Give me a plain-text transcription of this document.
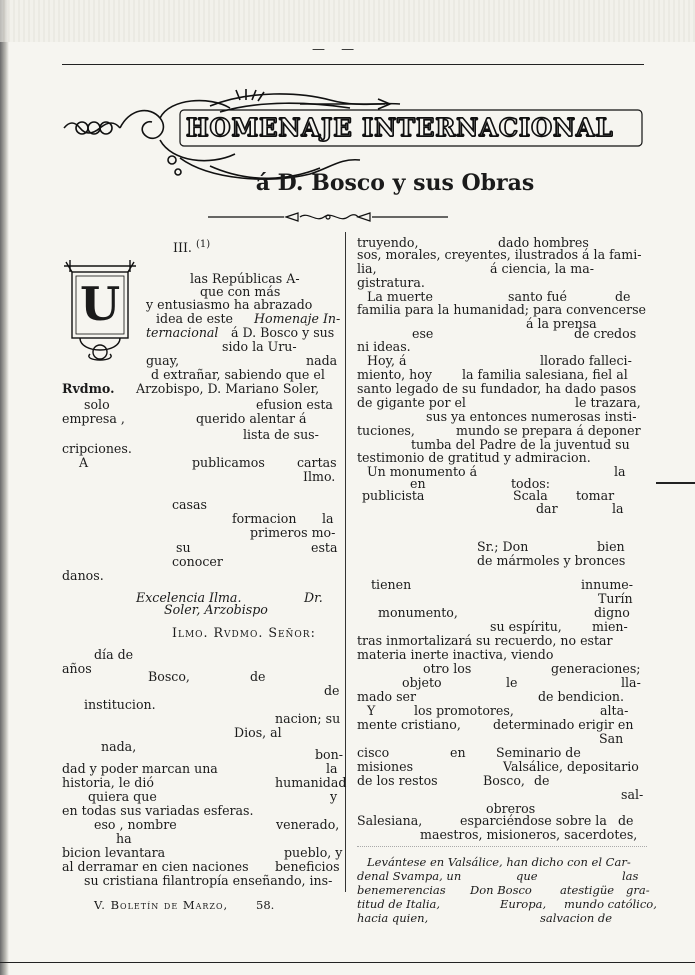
— —
HOMENAJE INTERNACIONAL
á D. Bosco y sus Obras
III. $^{(1)}$
U	las Repúblicas A-
que con más
y entusiasmo ha abrazado
idea de este Homenaje In-
ternacional á D. Bosco y sus
sido la Uru-
guay,	nada
d extrañar, sabiendo que el
Rvdmo. Arzobispo, D. Mariano Soler,
solo	efusion esta
empresa ,	querido alentar á
lista de sus-
cripciones.
A	publicamos	cartas
Ilmo.
casas
formacion la
primeros mo-
su	esta
conocer
danos.
Excelencia Ilma.	Dr.
Soler, Arzobispo
Ilmo. Rvdmo. Señor:
día de
años
Bosco,	de
de
institucion.
nacion; su
Dios, al
nada,
bon-
dad y poder marcan una	la
historia, le dió	humanidad
quiera que	y
en todas sus variadas esferas.
eso , nombre	venerado,
ha
bicion levantara	pueblo, y
al derramar en cien naciones beneficios
su cristiana filantropía enseñando, ins-
V. Boletín de Marzo, 58.
truyendo,	dado hombres
sos, morales, creyentes, ilustrados á la fami-
lia,	á ciencia, la ma-
gistratura.
La muerte	santo fué	de
familia para la humanidad; para convencerse
á la prensa
ese	de credos
ni ideas.
Hoy, á	llorado falleci-
miento, hoy la familia salesiana, fiel al
santo legado de su fundador, ha dado pasos
de gigante por el	le trazara,
sus ya entonces numerosas insti-
tuciones,	mundo se prepara á deponer
tumba del Padre de la juventud su
testimonio de gratitud y admiracion.
Un monumento á	la
en	todos:
publicista	Scala tomar
dar	la
Sr.; Don	bien
de mármoles y bronces
tienen	innume-
Turín
monumento,	digno
su espíritu, mien-
tras inmortalizará su recuerdo, no estar
materia inerte inactiva, viendo
otro los	generaciones;
objeto	le	lla-
mado ser	de bendicion.
Y	los promotores,	alta-
mente cristiano,	determinado erigir en
San
cisco	en Seminario de
misiones	Valsálice, depositario
de los restos	Bosco, de
sal-
obreros
Salesiana,	esparciéndose sobre la de
maestros, misioneros, sacerdotes,
Levántese en Valsálice, han dicho con el Car-
denal Svampa, un	que	las
benemerencias Don Bosco atestigüe gra-
titud de Italia,	Europa, mundo católico,
hacia quien,	salvacion de
